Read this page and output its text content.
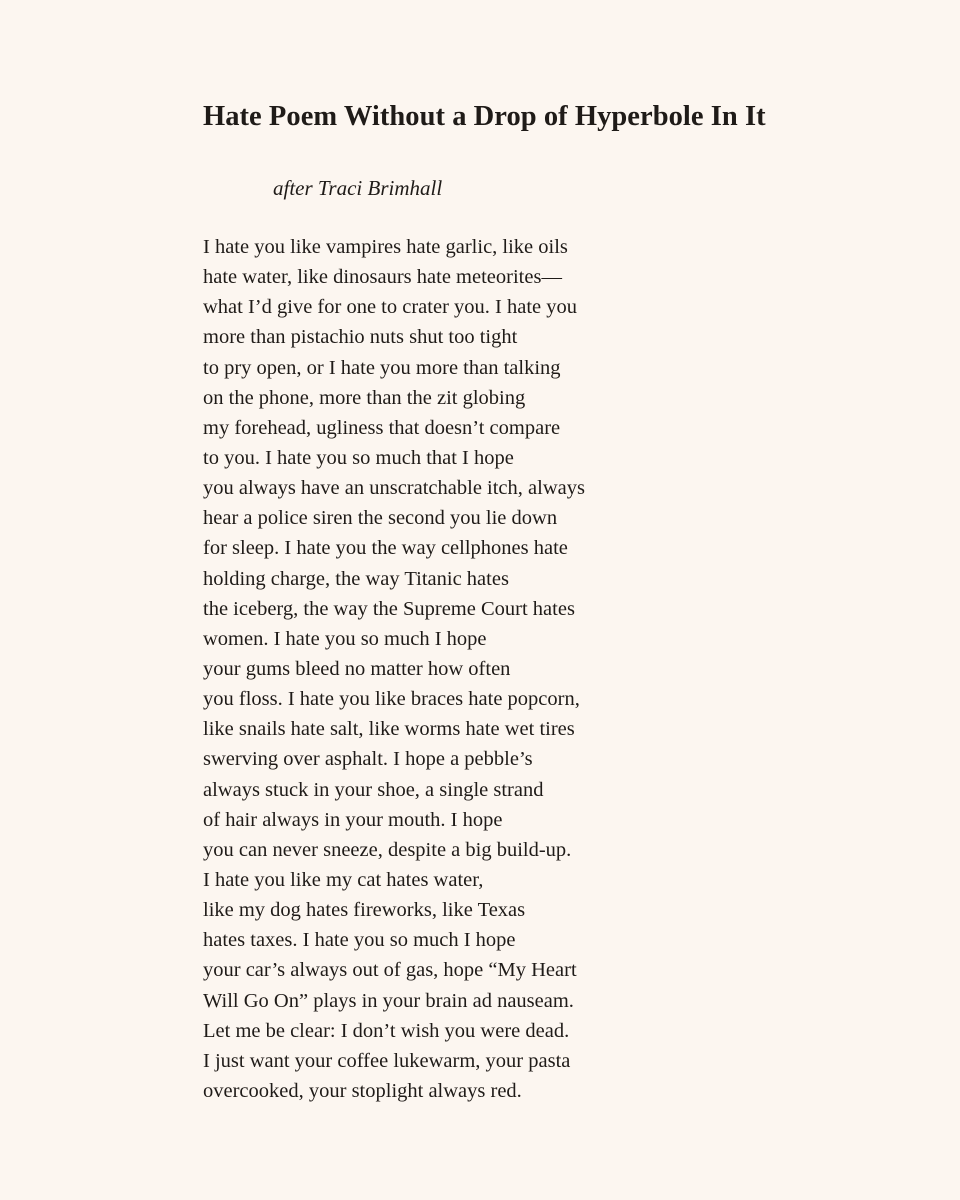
Hate Poem Without a Drop of Hyperbole In It

after Traci Brimhall

I hate you like vampires hate garlic, like oils
hate water, like dinosaurs hate meteorites—
what I’d give for one to crater you. I hate you
more than pistachio nuts shut too tight
to pry open, or I hate you more than talking
on the phone, more than the zit globing
my forehead, ugliness that doesn’t compare
to you. I hate you so much that I hope
you always have an unscratchable itch, always
hear a police siren the second you lie down
for sleep. I hate you the way cellphones hate
holding charge, the way Titanic hates
the iceberg, the way the Supreme Court hates
women. I hate you so much I hope
your gums bleed no matter how often
you floss. I hate you like braces hate popcorn,
like snails hate salt, like worms hate wet tires
swerving over asphalt. I hope a pebble’s
always stuck in your shoe, a single strand
of hair always in your mouth. I hope
you can never sneeze, despite a big build-up.
I hate you like my cat hates water,
like my dog hates fireworks, like Texas
hates taxes. I hate you so much I hope
your car’s always out of gas, hope “My Heart
Will Go On” plays in your brain ad nauseam.
Let me be clear: I don’t wish you were dead.
I just want your coffee lukewarm, your pasta
overcooked, your stoplight always red.
